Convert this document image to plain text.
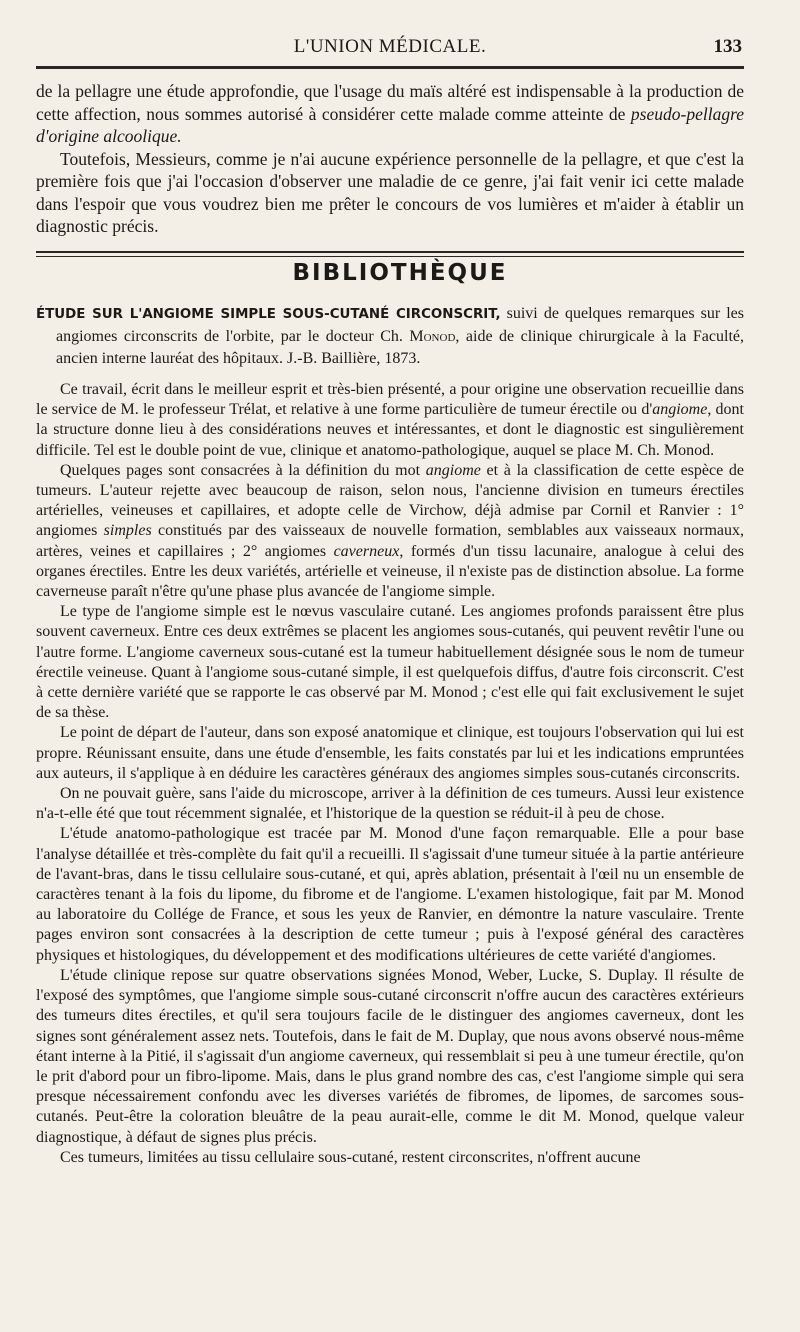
L'UNION MÉDICALE.	133

de la pellagre une étude approfondie, que l'usage du maïs altéré est indispensable à la production de cette affection, nous sommes autorisé à considérer cette malade comme atteinte de pseudo-pellagre d'origine alcoolique.

Toutefois, Messieurs, comme je n'ai aucune expérience personnelle de la pellagre, et que c'est la première fois que j'ai l'occasion d'observer une maladie de ce genre, j'ai fait venir ici cette malade dans l'espoir que vous voudrez bien me prêter le concours de vos lumières et m'aider à établir un diagnostic précis.

BIBLIOTHÈQUE

ÉTUDE SUR L'ANGIOME SIMPLE SOUS-CUTANÉ CIRCONSCRIT, suivi de quelques remarques sur les angiomes circonscrits de l'orbite, par le docteur Ch. Monod, aide de clinique chirurgicale à la Faculté, ancien interne lauréat des hôpitaux. J.-B. Baillière, 1873.

Ce travail, écrit dans le meilleur esprit et très-bien présenté, a pour origine une observation recueillie dans le service de M. le professeur Trélat, et relative à une forme particulière de tumeur érectile ou d'angiome, dont la structure donne lieu à des considérations neuves et intéressantes, et dont le diagnostic est singulièrement difficile. Tel est le double point de vue, clinique et anatomo-pathologique, auquel se place M. Ch. Monod.

Quelques pages sont consacrées à la définition du mot angiome et à la classification de cette espèce de tumeurs. L'auteur rejette avec beaucoup de raison, selon nous, l'ancienne division en tumeurs érectiles artérielles, veineuses et capillaires, et adopte celle de Virchow, déjà admise par Cornil et Ranvier : 1° angiomes simples constitués par des vaisseaux de nouvelle formation, semblables aux vaisseaux normaux, artères, veines et capillaires ; 2° angiomes caverneux, formés d'un tissu lacunaire, analogue à celui des organes érectiles. Entre les deux variétés, artérielle et veineuse, il n'existe pas de distinction absolue. La forme caverneuse paraît n'être qu'une phase plus avancée de l'angiome simple.

Le type de l'angiome simple est le nœvus vasculaire cutané. Les angiomes profonds paraissent être plus souvent caverneux. Entre ces deux extrêmes se placent les angiomes sous-cutanés, qui peuvent revêtir l'une ou l'autre forme. L'angiome caverneux sous-cutané est la tumeur habituellement désignée sous le nom de tumeur érectile veineuse. Quant à l'angiome sous-cutané simple, il est quelquefois diffus, d'autre fois circonscrit. C'est à cette dernière variété que se rapporte le cas observé par M. Monod ; c'est elle qui fait exclusivement le sujet de sa thèse.

Le point de départ de l'auteur, dans son exposé anatomique et clinique, est toujours l'observation qui lui est propre. Réunissant ensuite, dans une étude d'ensemble, les faits constatés par lui et les indications empruntées aux auteurs, il s'applique à en déduire les caractères généraux des angiomes simples sous-cutanés circonscrits.

On ne pouvait guère, sans l'aide du microscope, arriver à la définition de ces tumeurs. Aussi leur existence n'a-t-elle été que tout récemment signalée, et l'historique de la question se réduit-il à peu de chose.

L'étude anatomo-pathologique est tracée par M. Monod d'une façon remarquable. Elle a pour base l'analyse détaillée et très-complète du fait qu'il a recueilli. Il s'agissait d'une tumeur située à la partie antérieure de l'avant-bras, dans le tissu cellulaire sous-cutané, et qui, après ablation, présentait à l'œil nu un ensemble de caractères tenant à la fois du lipome, du fibrome et de l'angiome. L'examen histologique, fait par M. Monod au laboratoire du Collége de France, et sous les yeux de Ranvier, en démontre la nature vasculaire. Trente pages environ sont consacrées à la description de cette tumeur ; puis à l'exposé général des caractères physiques et histologiques, du développement et des modifications ultérieures de cette variété d'angiomes.

L'étude clinique repose sur quatre observations signées Monod, Weber, Lucke, S. Duplay. Il résulte de l'exposé des symptômes, que l'angiome simple sous-cutané circonscrit n'offre aucun des caractères extérieurs des tumeurs dites érectiles, et qu'il sera toujours facile de le distinguer des angiomes caverneux, dont les signes sont généralement assez nets. Toutefois, dans le fait de M. Duplay, que nous avons observé nous-même étant interne à la Pitié, il s'agissait d'un angiome caverneux, qui ressemblait si peu à une tumeur érectile, qu'on le prit d'abord pour un fibro-lipome. Mais, dans le plus grand nombre des cas, c'est l'angiome simple qui sera presque nécessairement confondu avec les diverses variétés de fibromes, de lipomes, de sarcomes sous-cutanés. Peut-être la coloration bleuâtre de la peau aurait-elle, comme le dit M. Monod, quelque valeur diagnostique, à défaut de signes plus précis.

Ces tumeurs, limitées au tissu cellulaire sous-cutané, restent circonscrites, n'offrent aucune
